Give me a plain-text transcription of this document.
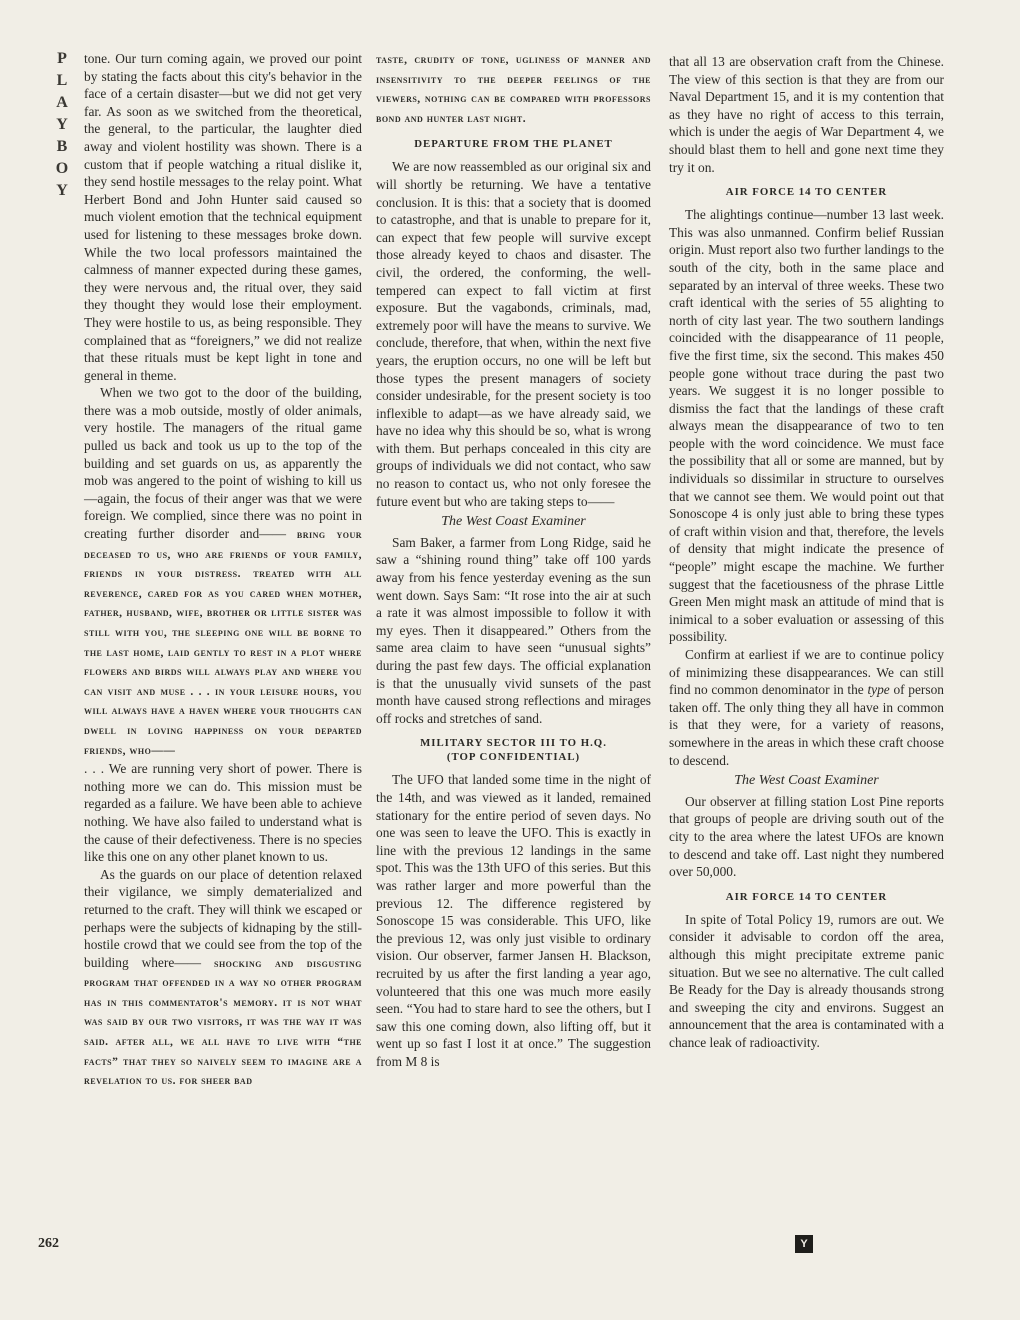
P
L
A
Y
B
O
Y

tone. Our turn coming again, we proved our point by stating the facts about this city's behavior in the face of a certain disaster—but we did not get very far. As soon as we switched from the theoretical, the general, to the particular, the laughter died away and violent hostility was shown. There is a custom that if people watching a ritual dislike it, they send hostile messages to the relay point. What Herbert Bond and John Hunter said caused so much violent emotion that the technical equipment used for listening to these messages broke down. While the two local professors maintained the calmness of manner expected during these games, they were nervous and, the ritual over, they said they thought they would lose their employment. They were hostile to us, as being responsible. They complained that as “foreigners,” we did not realize that these rituals must be kept light in tone and general in theme.

When we two got to the door of the building, there was a mob outside, mostly of older animals, very hostile. The managers of the ritual game pulled us back and took us up to the top of the building and set guards on us, as apparently the mob was angered to the point of wishing to kill us—again, the focus of their anger was that we were foreign. We complied, since there was no point in creating further disorder and—— bring your deceased to us, who are friends of your family, friends in your distress. treated with all reverence, cared for as you cared when mother, father, husband, wife, brother or little sister was still with you, the sleeping one will be borne to the last home, laid gently to rest in a plot where flowers and birds will always play and where you can visit and muse . . . in your leisure hours, you will always have a haven where your thoughts can dwell in loving happiness on your departed friends, who——

. . . We are running very short of power. There is nothing more we can do. This mission must be regarded as a failure. We have been able to achieve nothing. We have also failed to understand what is the cause of their defectiveness. There is no species like this one on any other planet known to us.

As the guards on our place of detention relaxed their vigilance, we simply dematerialized and returned to the craft. They will think we escaped or perhaps were the subjects of kidnaping by the still-hostile crowd that we could see from the top of the building where—— shocking and disgusting program that offended in a way no other program has in this commentator's memory. it is not what was said by our two visitors, it was the way it was said. after all, we all have to live with “the facts” that they so naively seem to imagine are a revelation to us. for sheer bad

taste, crudity of tone, ugliness of manner and insensitivity to the deeper feelings of the viewers, nothing can be compared with professors bond and hunter last night.

DEPARTURE FROM THE PLANET

We are now reassembled as our original six and will shortly be returning. We have a tentative conclusion. It is this: that a society that is doomed to catastrophe, and that is unable to prepare for it, can expect that few people will survive except those already keyed to chaos and disaster. The civil, the ordered, the conforming, the well-tempered can expect to fall victim at first exposure. But the vagabonds, criminals, mad, extremely poor will have the means to survive. We conclude, therefore, that when, within the next five years, the eruption occurs, no one will be left but those types the present managers of society consider undesirable, for the present society is too inflexible to adapt—as we have already said, we have no idea why this should be so, what is wrong with them. But perhaps concealed in this city are groups of individuals we did not contact, who saw no reason to contact us, who not only foresee the future event but who are taking steps to——

The West Coast Examiner

Sam Baker, a farmer from Long Ridge, said he saw a “shining round thing” take off 100 yards away from his fence yesterday evening as the sun went down. Says Sam: “It rose into the air at such a rate it was almost impossible to follow it with my eyes. Then it disappeared.” Others from the same area claim to have seen “unusual sights” during the past few days. The official explanation is that the unusually vivid sunsets of the past month have caused strong reflections and mirages off rocks and stretches of sand.

MILITARY SECTOR III TO H.Q.
(TOP CONFIDENTIAL)

The UFO that landed some time in the night of the 14th, and was viewed as it landed, remained stationary for the entire period of seven days. No one was seen to leave the UFO. This is exactly in line with the previous 12 landings in the same spot. This was the 13th UFO of this series. But this was rather larger and more powerful than the previous 12. The difference registered by Sonoscope 15 was considerable. This UFO, like the previous 12, was only just visible to ordinary vision. Our observer, farmer Jansen H. Blackson, recruited by us after the first landing a year ago, volunteered that this one was much more easily seen. “You had to stare hard to see the others, but I saw this one coming down, also lifting off, but it went up so fast I lost it at once.” The suggestion from M 8 is

that all 13 are observation craft from the Chinese. The view of this section is that they are from our Naval Department 15, and it is my contention that as they have no right of access to this terrain, which is under the aegis of War Department 4, we should blast them to hell and gone next time they try it on.

AIR FORCE 14 TO CENTER

The alightings continue—number 13 last week. This was also unmanned. Confirm belief Russian origin. Must report also two further landings to the south of the city, both in the same place and separated by an interval of three weeks. These two craft identical with the series of 55 alighting to north of city last year. The two southern landings coincided with the disappearance of 11 people, five the first time, six the second. This makes 450 people gone without trace during the past two years. We suggest it is no longer possible to dismiss the fact that the landings of these craft always mean the disappearance of two to ten people with the word coincidence. We must face the possibility that all or some are manned, but by individuals so dissimilar in structure to ourselves that we cannot see them. We would point out that Sonoscope 4 is only just able to bring these types of craft within vision and that, therefore, the levels of density that might indicate the presence of “people” might escape the machine. We further suggest that the facetiousness of the phrase Little Green Men might mask an attitude of mind that is inimical to a sober evaluation or assessing of this possibility.

Confirm at earliest if we are to continue policy of minimizing these disappearances. We can still find no common denominator in the type of person taken off. The only thing they all have in common is that they were, for a variety of reasons, somewhere in the areas in which these craft choose to descend.

The West Coast Examiner

Our observer at filling station Lost Pine reports that groups of people are driving south out of the city to the area where the latest UFOs are known to descend and take off. Last night they numbered over 50,000.

AIR FORCE 14 TO CENTER

In spite of Total Policy 19, rumors are out. We consider it advisable to cordon off the area, although this might precipitate extreme panic situation. But we see no alternative. The cult called Be Ready for the Day is already thousands strong and sweeping the city and environs. Suggest an announcement that the area is contaminated with a chance leak of radioactivity.

262	Y
